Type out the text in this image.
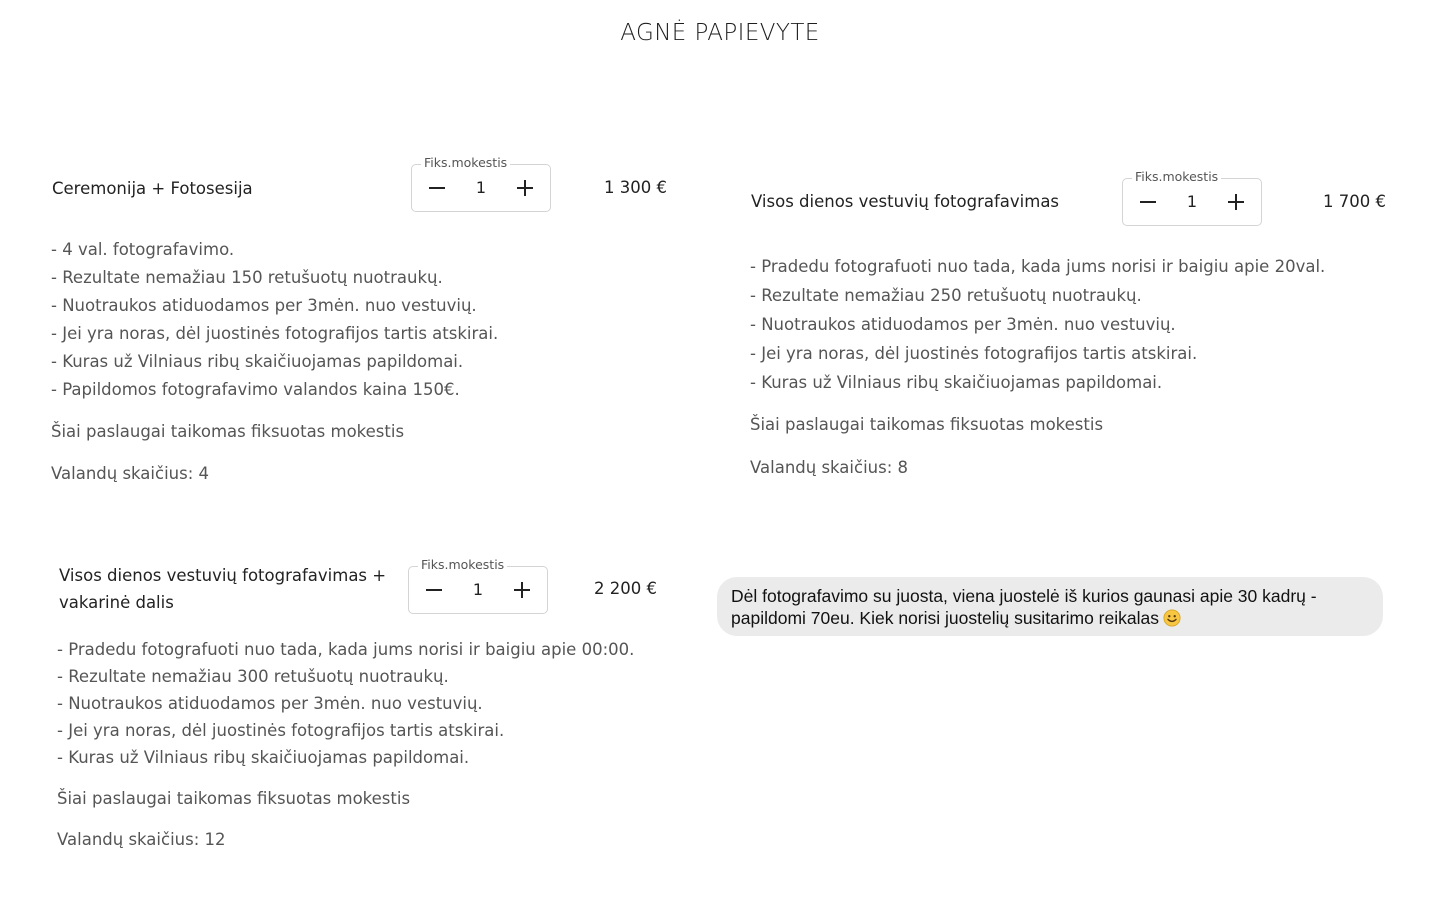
AGNĖ PAPIEVYTE
Ceremonija + Fotosesija
Fiks.mokestis
1	1 300 €
- 4 val. fotografavimo.
- Rezultate nemažiau 150 retušuotų nuotraukų.
- Nuotraukos atiduodamos per 3mėn. nuo vestuvių.
- Jei yra noras, dėl juostinės fotografijos tartis atskirai.
- Kuras už Vilniaus ribų skaičiuojamas papildomai.
- Papildomos fotografavimo valandos kaina 150€.
Šiai paslaugai taikomas fiksuotas mokestis
Valandų skaičius: 4
Visos dienos vestuvių fotografavimas
Fiks.mokestis
1	1 700 €
- Pradedu fotografuoti nuo tada, kada jums norisi ir baigiu apie 20val.
- Rezultate nemažiau 250 retušuotų nuotraukų.
- Nuotraukos atiduodamos per 3mėn. nuo vestuvių.
- Jei yra noras, dėl juostinės fotografijos tartis atskirai.
- Kuras už Vilniaus ribų skaičiuojamas papildomai.
Šiai paslaugai taikomas fiksuotas mokestis
Valandų skaičius: 8
Visos dienos vestuvių fotografavimas + vakarinė dalis
Fiks.mokestis
1	2 200 €
- Pradedu fotografuoti nuo tada, kada jums norisi ir baigiu apie 00:00.
- Rezultate nemažiau 300 retušuotų nuotraukų.
- Nuotraukos atiduodamos per 3mėn. nuo vestuvių.
- Jei yra noras, dėl juostinės fotografijos tartis atskirai.
- Kuras už Vilniaus ribų skaičiuojamas papildomai.
Šiai paslaugai taikomas fiksuotas mokestis
Valandų skaičius: 12
Dėl fotografavimo su juosta, viena juostelė iš kurios gaunasi apie 30 kadrų - papildomi 70eu. Kiek norisi juostelių susitarimo reikalas
